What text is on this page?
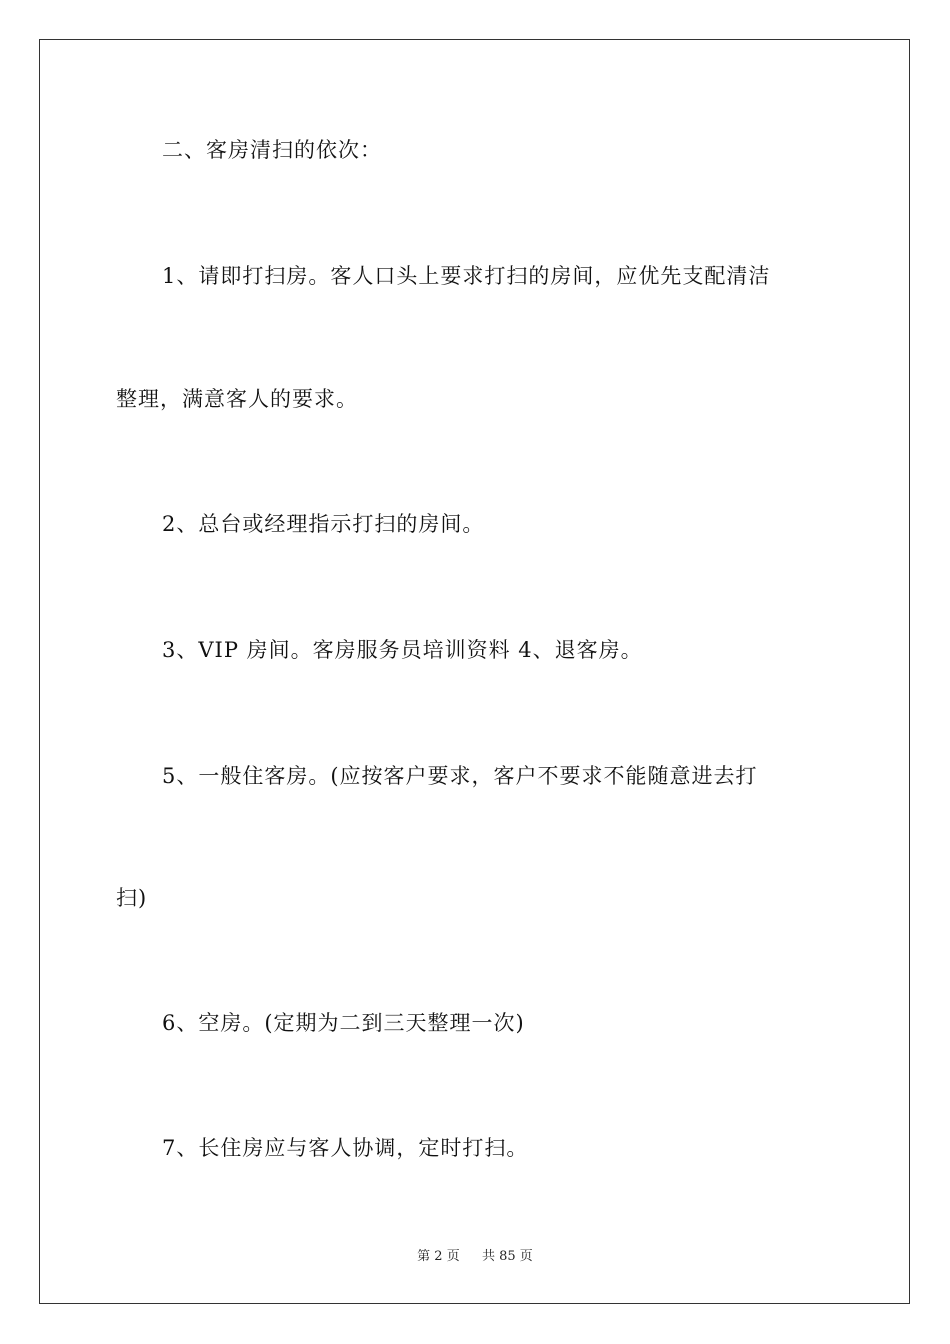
二、客房清扫的依次：
1、请即打扫房。客人口头上要求打扫的房间，应优先支配清洁
整理，满意客人的要求。
2、总台或经理指示打扫的房间。
3、VIP 房间。客房服务员培训资料 4、退客房。
5、一般住客房。(应按客户要求，客户不要求不能随意进去打
扫)
6、空房。(定期为二到三天整理一次)
7、长住房应与客人协调，定时打扫。
第 2 页 共 85 页
